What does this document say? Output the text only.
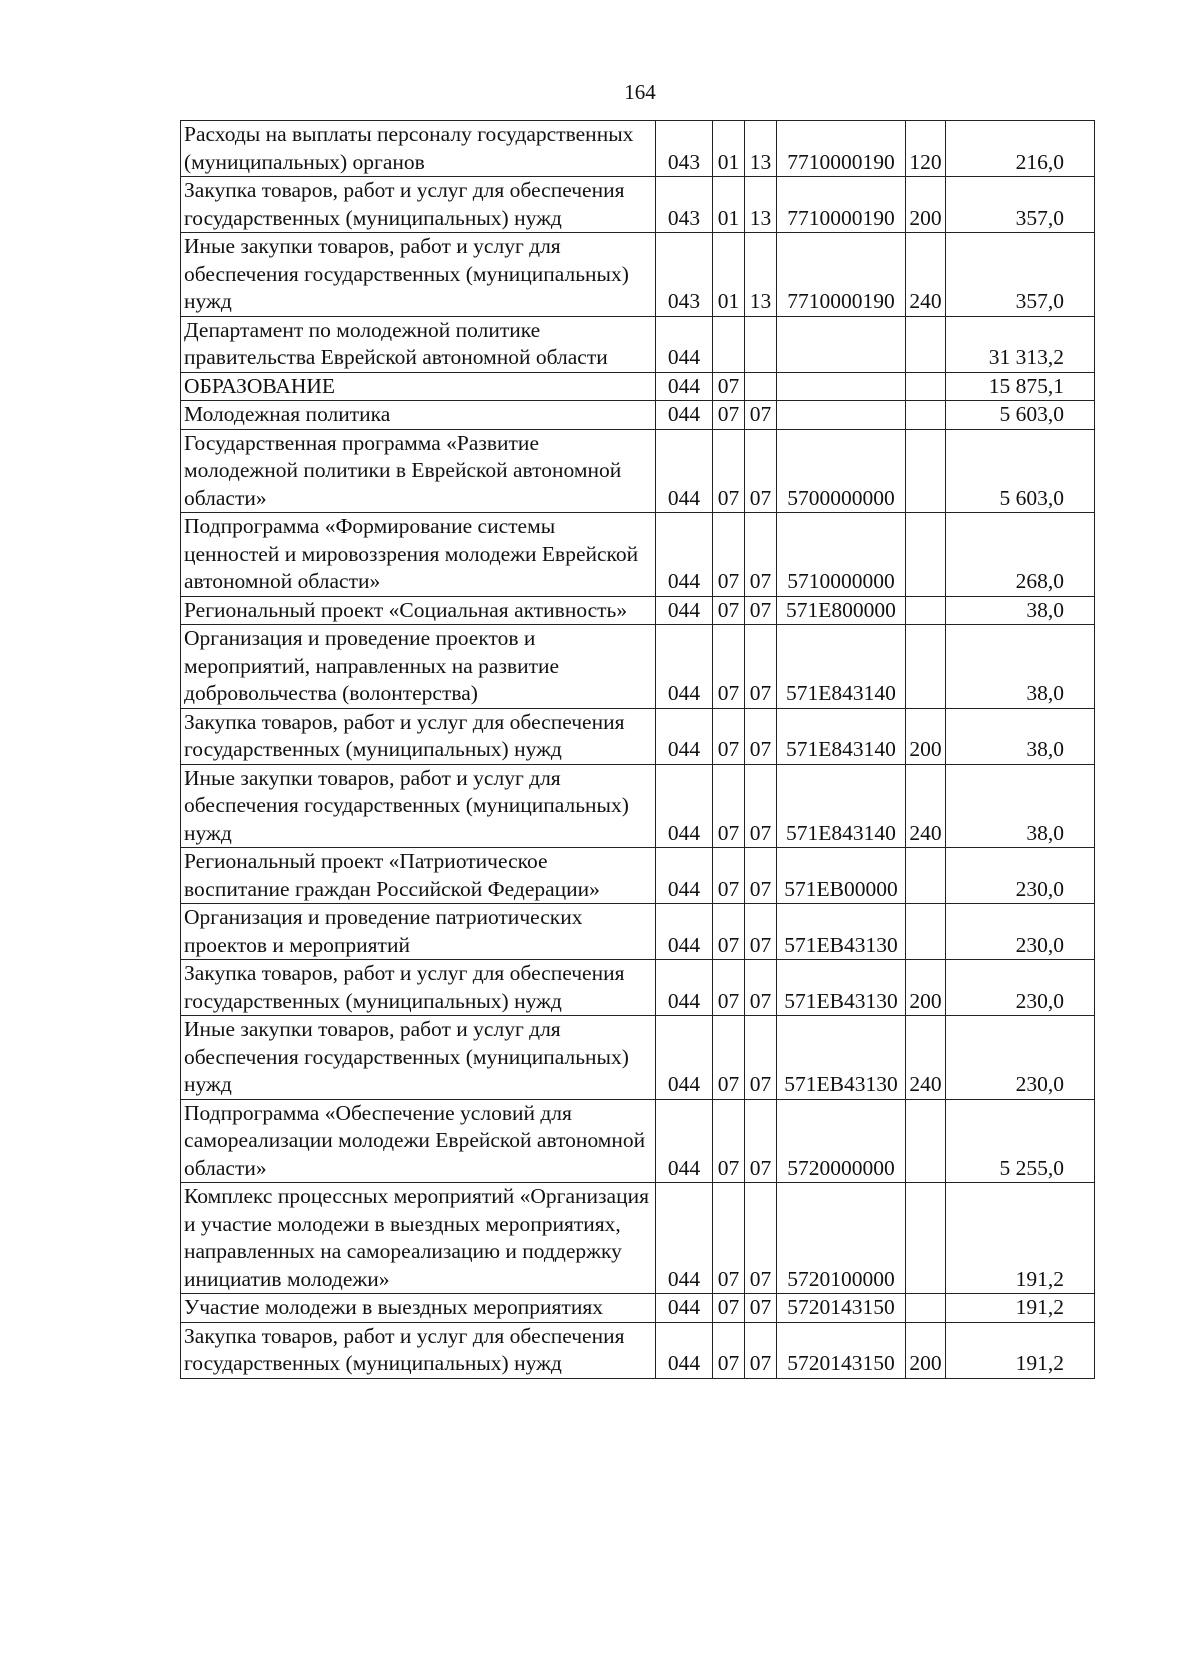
164
Расходы на выплаты персоналу государственных (муниципальных) органов	043	01	13	7710000190	120	216,0
Закупка товаров, работ и услуг для обеспечения государственных (муниципальных) нужд	043	01	13	7710000190	200	357,0
Иные закупки товаров, работ и услуг для обеспечения государственных (муниципальных) нужд	043	01	13	7710000190	240	357,0
Департамент по молодежной политике правительства Еврейской автономной области	044					31 313,2
ОБРАЗОВАНИЕ	044	07				15 875,1
Молодежная политика	044	07	07			5 603,0
Государственная программа «Развитие молодежной политики в Еврейской автономной области»	044	07	07	5700000000		5 603,0
Подпрограмма «Формирование системы ценностей и мировоззрения молодежи Еврейской автономной области»	044	07	07	5710000000		268,0
Региональный проект «Социальная активность»	044	07	07	571E800000		38,0
Организация и проведение проектов и мероприятий, направленных на развитие добровольчества (волонтерства)	044	07	07	571E843140		38,0
Закупка товаров, работ и услуг для обеспечения государственных (муниципальных) нужд	044	07	07	571E843140	200	38,0
Иные закупки товаров, работ и услуг для обеспечения государственных (муниципальных) нужд	044	07	07	571E843140	240	38,0
Региональный проект «Патриотическое воспитание граждан Российской Федерации»	044	07	07	571EB00000		230,0
Организация и проведение патриотических проектов и мероприятий	044	07	07	571EB43130		230,0
Закупка товаров, работ и услуг для обеспечения государственных (муниципальных) нужд	044	07	07	571EB43130	200	230,0
Иные закупки товаров, работ и услуг для обеспечения государственных (муниципальных) нужд	044	07	07	571EB43130	240	230,0
Подпрограмма «Обеспечение условий для самореализации молодежи Еврейской автономной области»	044	07	07	5720000000		5 255,0
Комплекс процессных мероприятий «Организация и участие молодежи в выездных мероприятиях, направленных на самореализацию и поддержку инициатив молодежи»	044	07	07	5720100000		191,2
Участие молодежи в выездных мероприятиях	044	07	07	5720143150		191,2
Закупка товаров, работ и услуг для обеспечения государственных (муниципальных) нужд	044	07	07	5720143150	200	191,2
